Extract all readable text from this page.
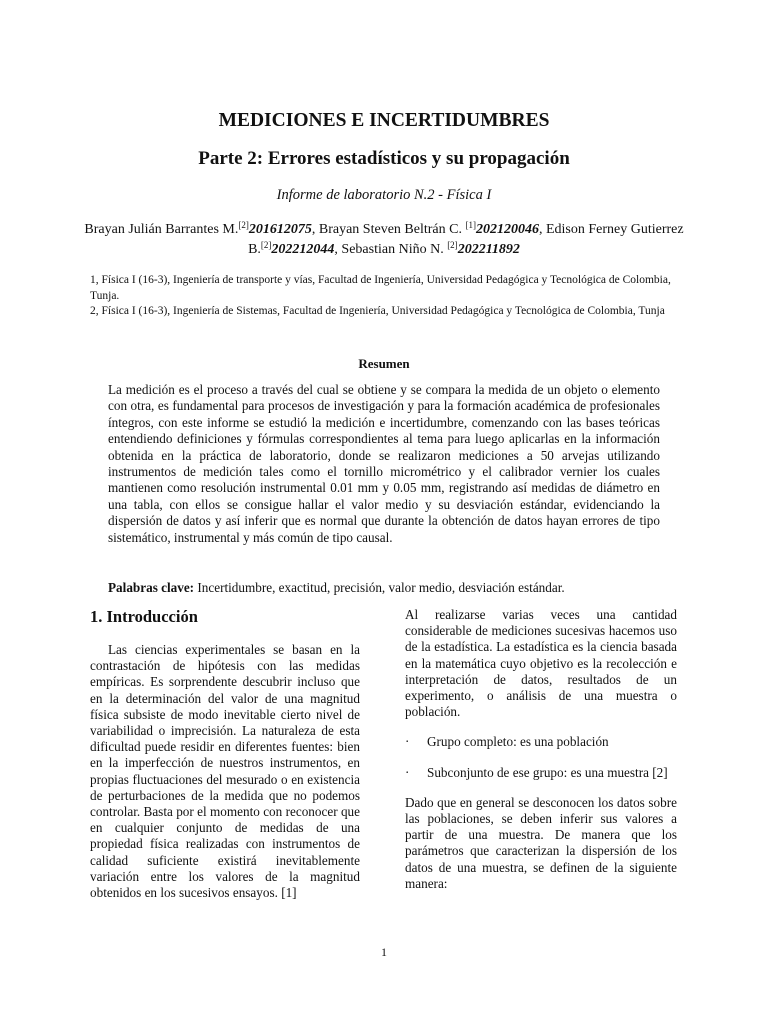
MEDICIONES E INCERTIDUMBRES
Parte 2: Errores estadísticos y su propagación
Informe de laboratorio N.2 - Física I
Brayan Julián Barrantes M.[2]201612075, Brayan Steven Beltrán C. [1]202120046, Edison Ferney Gutierrez B.[2]202212044, Sebastian Niño N. [2]202211892

1, Física I (16-3), Ingeniería de transporte y vías, Facultad de Ingeniería, Universidad Pedagógica y Tecnológica de Colombia, Tunja.

2, Física I (16-3), Ingeniería de Sistemas, Facultad de Ingeniería, Universidad Pedagógica y Tecnológica de Colombia, Tunja

Resumen

La medición es el proceso a través del cual se obtiene y se compara la medida de un objeto o elemento con otra, es fundamental para procesos de investigación y para la formación académica de profesionales íntegros, con este informe se estudió la medición e incertidumbre, comenzando con las bases teóricas entendiendo definiciones y fórmulas correspondientes al tema para luego aplicarlas en la información obtenida en la práctica de laboratorio, donde se realizaron mediciones a 50 arvejas utilizando instrumentos de medición tales como el tornillo micrométrico y el calibrador vernier los cuales mantienen como resolución instrumental 0.01 mm y 0.05 mm, registrando así medidas de diámetro en una tabla, con ellos se consigue hallar el valor medio y su desviación estándar, evidenciando la dispersión de datos y así inferir que es normal que durante la obtención de datos hayan errores de tipo sistemático, instrumental y más común de tipo causal.

Palabras clave: Incertidumbre, exactitud, precisión, valor medio, desviación estándar.
1. Introducción

Las ciencias experimentales se basan en la contrastación de hipótesis con las medidas empíricas. Es sorprendente descubrir incluso que en la determinación del valor de una magnitud física subsiste de modo inevitable cierto nivel de variabilidad o imprecisión. La naturaleza de esta dificultad puede residir en diferentes fuentes: bien en la imperfección de nuestros instrumentos, en propias fluctuaciones del mesurado o en existencia de perturbaciones de la medida que no podemos controlar. Basta por el momento con reconocer que en cualquier conjunto de medidas de una propiedad física realizadas con instrumentos de calidad suficiente existirá inevitablemente variación entre los valores de la magnitud obtenidos en los sucesivos ensayos. [1]

Al realizarse varias veces una cantidad considerable de mediciones sucesivas hacemos uso de la estadística. La estadística es la ciencia basada en la matemática cuyo objetivo es la recolección e interpretación de datos, resultados de un experimento, o análisis de una muestra o población.

·	Grupo completo: es una población
·	Subconjunto de ese grupo: es una muestra [2]

Dado que en general se desconocen los datos sobre las poblaciones, se deben inferir sus valores a partir de una muestra. De manera que los parámetros que caracterizan la dispersión de los datos de una muestra, se definen de la siguiente manera:

1
